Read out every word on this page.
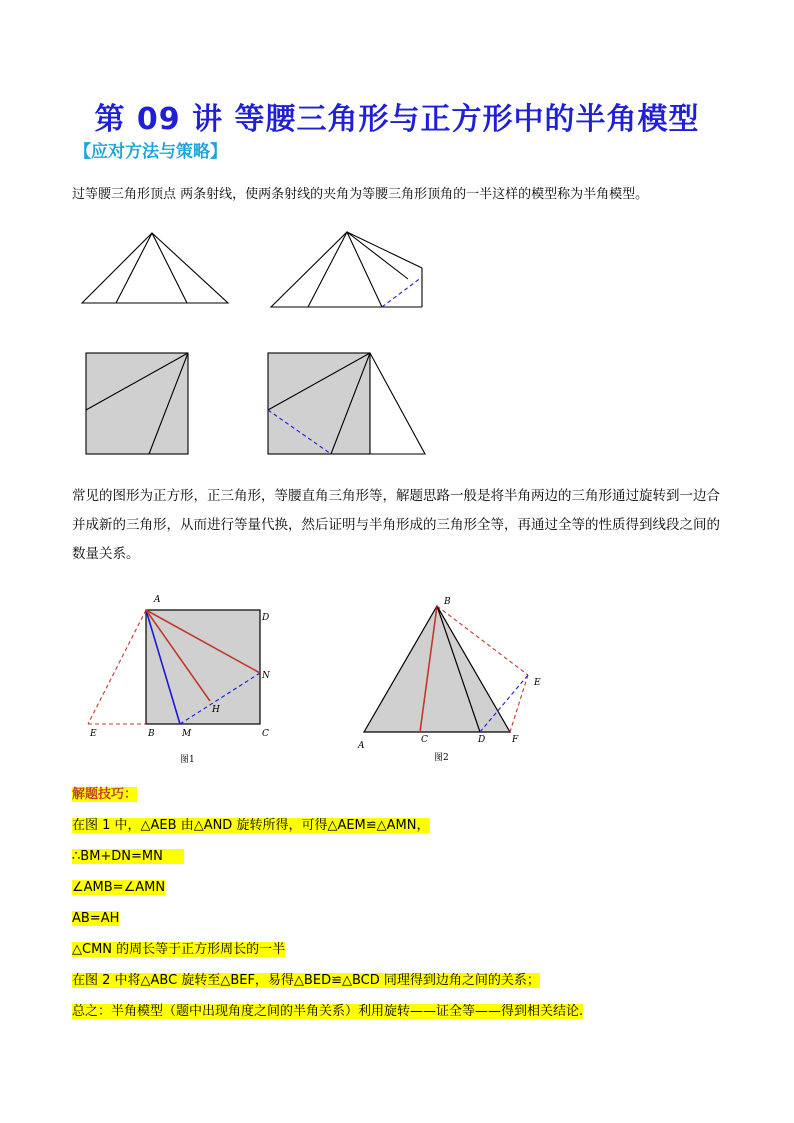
第 09 讲 等腰三角形与正方形中的半角模型
【应对方法与策略】
过等腰三角形顶点 两条射线，使两条射线的夹角为等腰三角形顶角的一半这样的模型称为半角模型。
常见的图形为正方形，正三角形，等腰直角三角形等，解题思路一般是将半角两边的三角形通过旋转到一边合并成新的三角形，从而进行等量代换，然后证明与半角形成的三角形全等，再通过全等的性质得到线段之间的数量关系。
A
D
N
H
E	B	M	C
图1
B
E
A
C	D	F
图2
解题技巧：
在图 1 中，△AEB 由△AND 旋转所得，可得△AEM≌△AMN，
∴BM+DN=MN
∠AMB=∠AMN
AB=AH
△CMN 的周长等于正方形周长的一半
在图 2 中将△ABC 旋转至△BEF，易得△BED≌△BCD 同理得到边角之间的关系；
总之：半角模型（题中出现角度之间的半角关系）利用旋转——证全等——得到相关结论.
